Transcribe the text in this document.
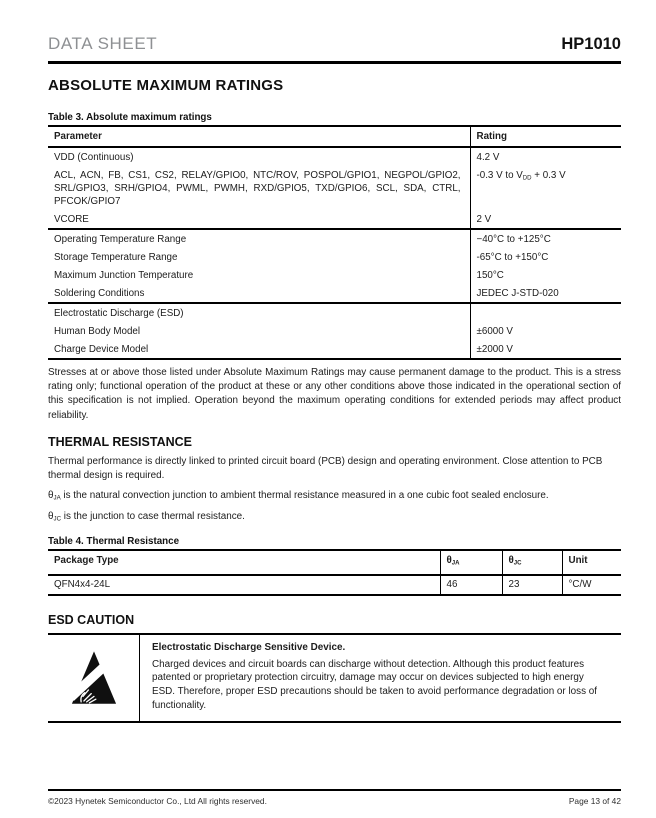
DATA SHEET	HP1010
ABSOLUTE MAXIMUM RATINGS
Table 3. Absolute maximum ratings
Parameter	Rating
VDD (Continuous)	4.2 V
ACL, ACN, FB, CS1, CS2, RELAY/GPIO0, NTC/ROV, POSPOL/GPIO1, NEGPOL/GPIO2, SRL/GPIO3, SRH/GPIO4, PWML, PWMH, RXD/GPIO5, TXD/GPIO6, SCL, SDA, CTRL, PFCOK/GPIO7	-0.3 V to $V_{DD} + 0.3$ V
VCORE	2 V
Operating Temperature Range	−40°C to +125°C
Storage Temperature Range	-65°C to +150°C
Maximum Junction Temperature	150°C
Soldering Conditions	JEDEC J-STD-020
Electrostatic Discharge (ESD)	
Human Body Model	±6000 V
Charge Device Model	±2000 V

Stresses at or above those listed under Absolute Maximum Ratings may cause permanent damage to the product. This is a stress rating only; functional operation of the product at these or any other conditions above those indicated in the operational section of this specification is not implied. Operation beyond the maximum operating conditions for extended periods may affect product reliability.

THERMAL RESISTANCE

Thermal performance is directly linked to printed circuit board (PCB) design and operating environment. Close attention to PCB thermal design is required.

$\theta_{JA}$ is the natural convection junction to ambient thermal resistance measured in a one cubic foot sealed enclosure.

$\theta_{JC}$ is the junction to case thermal resistance.

Table 4. Thermal Resistance
Package Type	$\theta_{JA}$	$\theta_{JC}$	Unit
QFN4x4-24L	46	23	°C/W
ESD CAUTION
Electrostatic Discharge Sensitive Device.
Charged devices and circuit boards can discharge without detection. Although this product features patented or proprietary protection circuitry, damage may occur on devices subjected to high energy ESD. Therefore, proper ESD precautions should be taken to avoid performance degradation or loss of functionality.
©2023 Hynetek Semiconductor Co., Ltd All rights reserved.	Page 13 of 42
